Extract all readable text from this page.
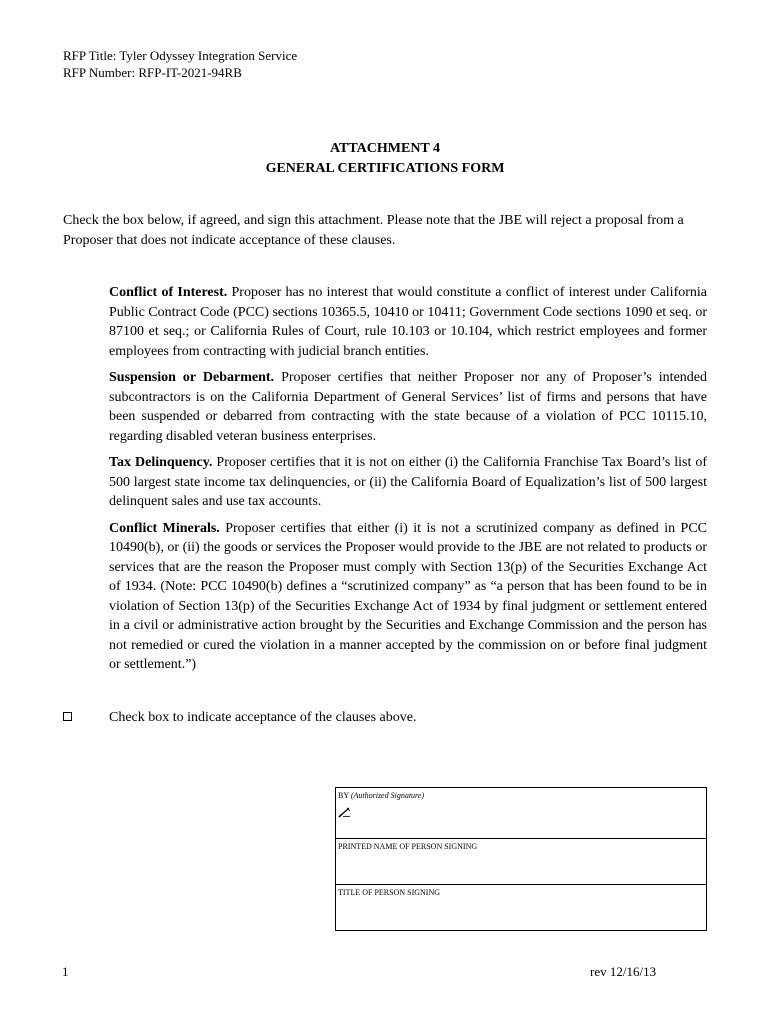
RFP Title: Tyler Odyssey Integration Service
RFP Number: RFP-IT-2021-94RB
ATTACHMENT 4
GENERAL CERTIFICATIONS FORM
Check the box below, if agreed, and sign this attachment. Please note that the JBE will reject a proposal from a Proposer that does not indicate acceptance of these clauses.

Conflict of Interest. Proposer has no interest that would constitute a conflict of interest under California Public Contract Code (PCC) sections 10365.5, 10410 or 10411; Government Code sections 1090 et seq. or 87100 et seq.; or California Rules of Court, rule 10.103 or 10.104, which restrict employees and former employees from contracting with judicial branch entities.

Suspension or Debarment. Proposer certifies that neither Proposer nor any of Proposer’s intended subcontractors is on the California Department of General Services’ list of firms and persons that have been suspended or debarred from contracting with the state because of a violation of PCC 10115.10, regarding disabled veteran business enterprises.

Tax Delinquency. Proposer certifies that it is not on either (i) the California Franchise Tax Board’s list of 500 largest state income tax delinquencies, or (ii) the California Board of Equalization’s list of 500 largest delinquent sales and use tax accounts.

Conflict Minerals. Proposer certifies that either (i) it is not a scrutinized company as defined in PCC 10490(b), or (ii) the goods or services the Proposer would provide to the JBE are not related to products or services that are the reason the Proposer must comply with Section 13(p) of the Securities Exchange Act of 1934. (Note: PCC 10490(b) defines a “scrutinized company” as “a person that has been found to be in violation of Section 13(p) of the Securities Exchange Act of 1934 by final judgment or settlement entered in a civil or administrative action brought by the Securities and Exchange Commission and the person has not remedied or cured the violation in a manner accepted by the commission on or before final judgment or settlement.”)

Check box to indicate acceptance of the clauses above.
BY (Authorized Signature)
PRINTED NAME OF PERSON SIGNING
TITLE OF PERSON SIGNING
1	rev 12/16/13
